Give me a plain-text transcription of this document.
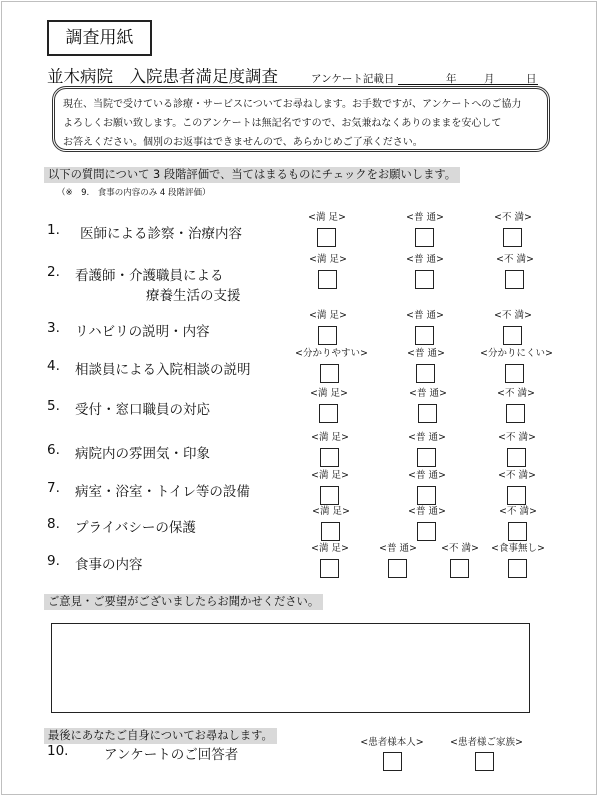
調査用紙
並木病院　入院患者満足度調査	アンケート記載日	年	月	日
現在、当院で受けている診療・サービスについてお尋ねします。お手数ですが、アンケートへのご協力
よろしくお願い致します。このアンケートは無記名ですので、お気兼ねなくありのままを安心して
お答えください。個別のお返事はできませんので、あらかじめご了承ください。
以下の質問について 3 段階評価で、当てはまるものにチェックをお願いします。
（※　9.　食事の内容のみ 4 段階評価）
1. 医師による診察・治療内容
<満 足>	<普 通>	<不 満>
2. 看護師・介護職員による
療養生活の支援
<満 足>	<普 通>	<不 満>
3. リハビリの説明・内容
<満 足>	<普 通>	<不 満>
4. 相談員による入院相談の説明
<分かりやすい>	<普 通>	<分かりにくい>
5. 受付・窓口職員の対応
<満 足>	<普 通>	<不 満>
6. 病院内の雰囲気・印象
<満 足>	<普 通>	<不 満>
7. 病室・浴室・トイレ等の設備
<満 足>	<普 通>	<不 満>
8. プライバシーの保護
<満 足>	<普 通>	<不 満>
9. 食事の内容
<満 足>	<普 通>	<不 満>	<食事無し>
ご意見・ご要望がございましたらお聞かせください。
最後にあなたご自身についてお尋ねします。
10.	アンケートのご回答者
<患者様本人>	<患者様ご家族>
